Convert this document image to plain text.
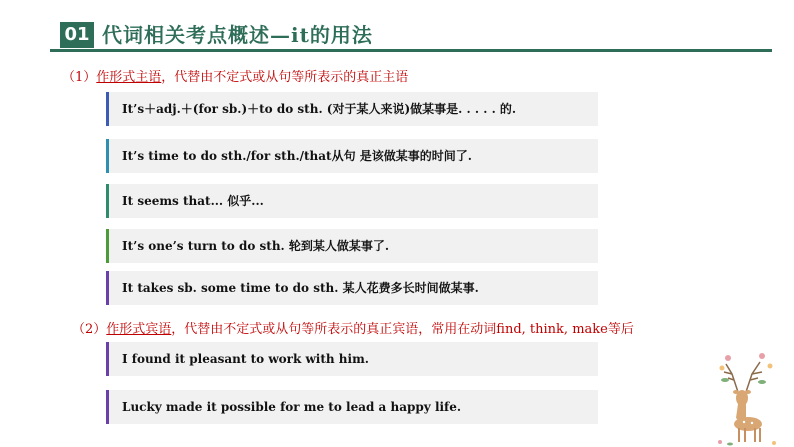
01 代词相关考点概述—it的用法
（1）作形式主语，代替由不定式或从句等所表示的真正主语
It’s＋adj.＋(for sb.)＋to do sth. (对于某人来说)做某事是. . . . . 的.
It’s time to do sth./for sth./that从句 是该做某事的时间了.
It seems that... 似乎...
It’s one’s turn to do sth. 轮到某人做某事了.
It takes sb. some time to do sth. 某人花费多长时间做某事.
（2）作形式宾语，代替由不定式或从句等所表示的真正宾语，常用在动词find, think, make等后
I found it pleasant to work with him.
Lucky made it possible for me to lead a happy life.
